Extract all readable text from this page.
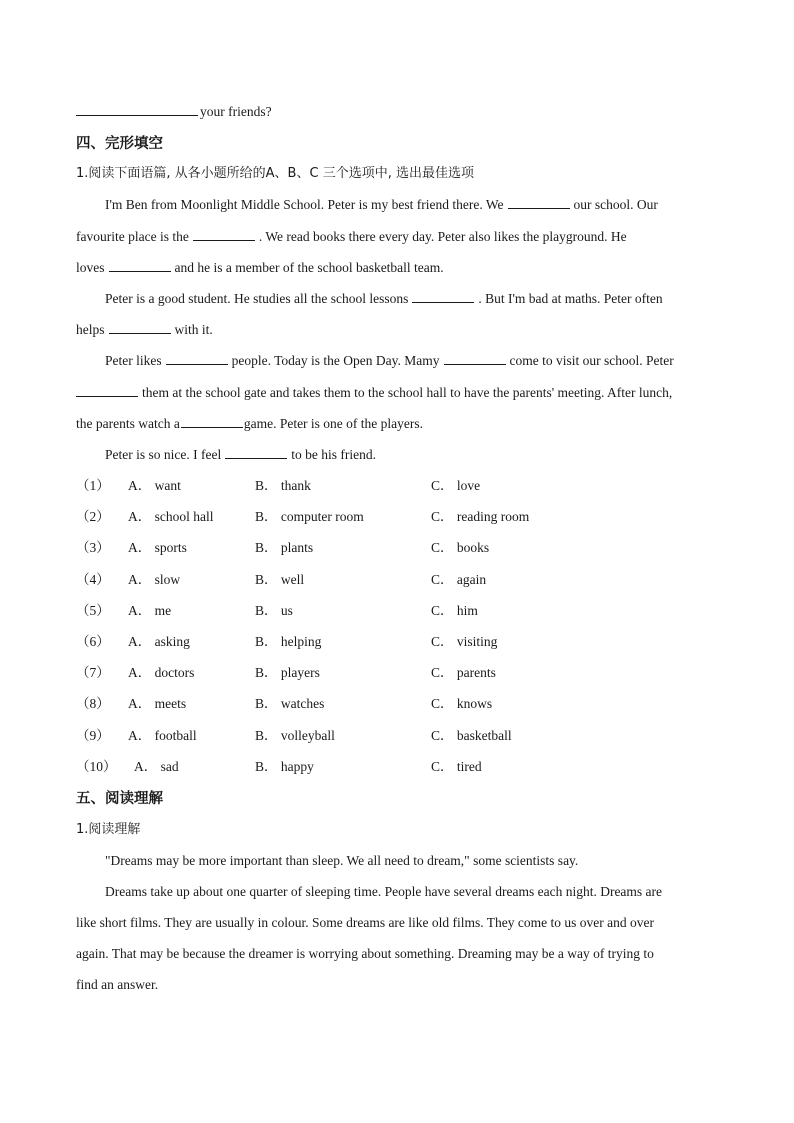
your friends?
四、完形填空
1.阅读下面语篇, 从各小题所给的A、B、C 三个选项中, 选出最佳选项
I'm Ben from Moonlight Middle School. Peter is my best friend there. We	our school. Our
favourite place is the	. We read books there every day. Peter also likes the playground. He
loves	and he is a member of the school basketball team.
Peter is a good student. He studies all the school lessons	. But I'm bad at maths. Peter often
helps	with it.
Peter likes	people. Today is the Open Day. Mamy	come to visit our school. Peter
them at the school gate and takes them to the school hall to have the parents' meeting. After lunch,
the parents watch a	game. Peter is one of the players.
Peter is so nice. I feel	to be his friend.
（1） A． want	B． thank	C． love
（2） A． school hall	B． computer room	C． reading room
（3） A． sports	B． plants	C． books
（4） A． slow	B． well	C． again
（5） A． me	B． us	C． him
（6） A． asking	B． helping	C． visiting
（7） A． doctors	B． players	C． parents
（8） A． meets	B． watches	C． knows
（9） A． football	B． volleyball	C． basketball
（10） A． sad	B． happy	C． tired
五、阅读理解
1.阅读理解
"Dreams may be more important than sleep. We all need to dream," some scientists say.
Dreams take up about one quarter of sleeping time. People have several dreams each night. Dreams are
like short films. They are usually in colour. Some dreams are like old films. They come to us over and over
again. That may be because the dreamer is worrying about something. Dreaming may be a way of trying to
find an answer.
